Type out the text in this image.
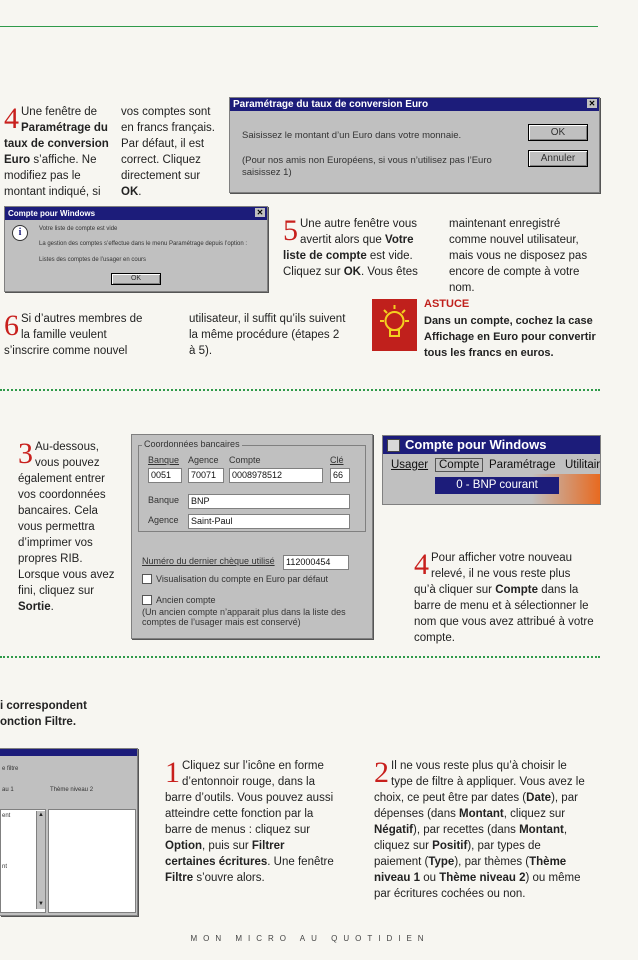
4 Une fenêtre de Paramétrage du taux de conversion Euro s’affiche. Ne modifiez pas le montant indiqué, si
vos comptes sont en francs français. Par défaut, il est correct. Cliquez directement sur OK.
Paramétrage du taux de conversion Euro	✕
Saisissez le montant d’un Euro dans votre monnaie.
(Pour nos amis non Européens, si vous n’utilisez pas l’Euro saisissez 1)
OK
Annuler
Compte pour Windows	✕
i	Votre liste de compte est vide
La gestion des comptes s’effectue dans le menu Paramétrage depuis l’option :
Listes des comptes de l’usager en cours
OK
5 Une autre fenêtre vous avertit alors que Votre liste de compte est vide. Cliquez sur OK. Vous êtes
maintenant enregistré comme nouvel utilisateur, mais vous ne disposez pas encore de compte à votre nom.
6 Si d’autres membres de la famille veulent s’inscrire comme nouvel
utilisateur, il suffit qu’ils suivent la même procédure (étapes 2 à 5).
ASTUCE
Dans un compte, cochez la case Affichage en Euro pour convertir tous les francs en euros.
3 Au-dessous, vous pouvez également entrer vos coordonnées bancaires. Cela vous permettra d’imprimer vos propres RIB. Lorsque vous avez fini, cliquez sur Sortie.
Coordonnées bancaires
Banque Agence Compte	Clé
0051	70071	0008978512	66
Banque	BNP
Agence	Saint-Paul
Numéro du dernier chèque utilisé	112000454
Visualisation du compte en Euro par défaut
Ancien compte
(Un ancien compte n’apparait plus dans la liste des comptes de l’usager mais est conservé)
Compte pour Windows
Usager Compte Paramétrage Utilitair
0 - BNP courant
4 Pour afficher votre nouveau relevé, il ne vous reste plus qu’à cliquer sur Compte dans la barre de menu et à sélectionner le nom que vous avez attribué à votre compte.
i correspondent
onction Filtre.
e filtre
au 1	Thème niveau 2
ent
nt
▲
▼
1 Cliquez sur l’icône en forme d’entonnoir rouge, dans la barre d’outils. Vous pouvez aussi atteindre cette fonction par la barre de menus : cliquez sur Option, puis sur Filtrer certaines écritures. Une fenêtre Filtre s’ouvre alors.
2 Il ne vous reste plus qu’à choisir le type de filtre à appliquer. Vous avez le choix, ce peut être par dates (Date), par dépenses (dans Montant, cliquez sur Négatif), par recettes (dans Montant, cliquez sur Positif), par types de paiement (Type), par thèmes (Thème niveau 1 ou Thème niveau 2) ou même par écritures cochées ou non.
MON MICRO AU QUOTIDIEN
